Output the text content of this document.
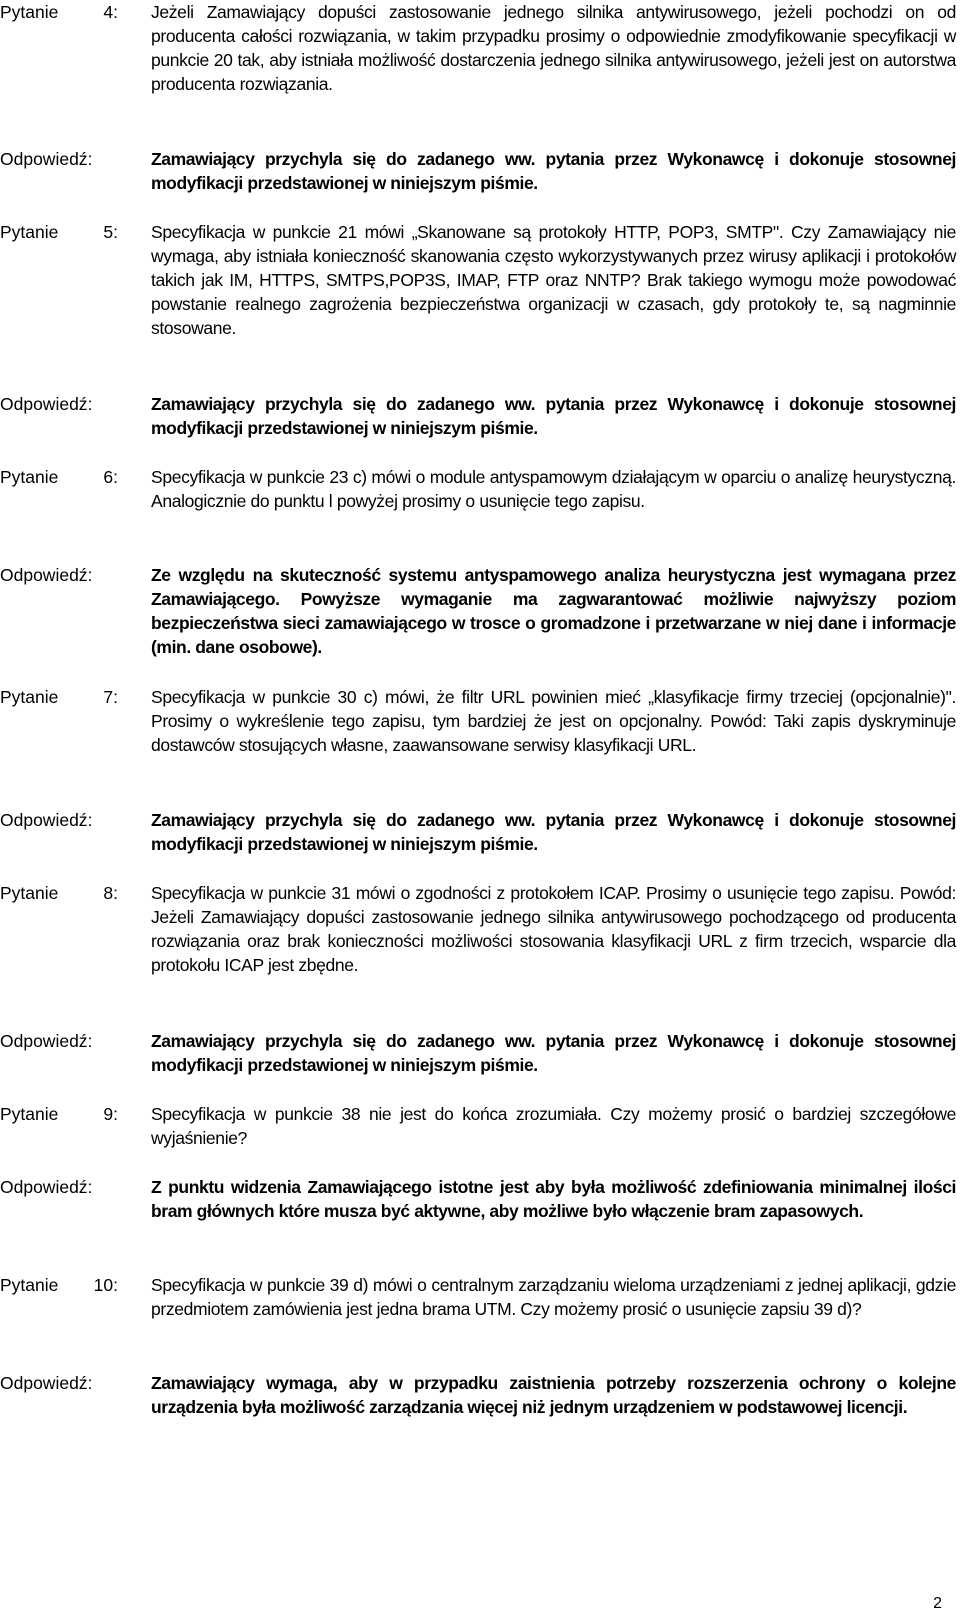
Pytanie	4: Jeżeli Zamawiający dopuści zastosowanie jednego silnika antywirusowego, jeżeli pochodzi on od producenta całości rozwiązania, w takim przypadku prosimy o odpowiednie zmodyfikowanie specyfikacji w punkcie 20 tak, aby istniała możliwość dostarczenia jednego silnika antywirusowego, jeżeli jest on autorstwa producenta rozwiązania.
Odpowiedź:	Zamawiający przychyla się do zadanego ww. pytania przez Wykonawcę i dokonuje stosownej modyfikacji przedstawionej w niniejszym piśmie.
Pytanie	5: Specyfikacja w punkcie 21 mówi „Skanowane są protokoły HTTP, POP3, SMTP". Czy Zamawiający nie wymaga, aby istniała konieczność skanowania często wykorzystywanych przez wirusy aplikacji i protokołów takich jak IM, HTTPS, SMTPS,POP3S, IMAP, FTP oraz NNTP? Brak takiego wymogu może powodować powstanie realnego zagrożenia bezpieczeństwa organizacji w czasach, gdy protokoły te, są nagminnie stosowane.
Odpowiedź:	Zamawiający przychyla się do zadanego ww. pytania przez Wykonawcę i dokonuje stosownej modyfikacji przedstawionej w niniejszym piśmie.
Pytanie	6: Specyfikacja w punkcie 23 c) mówi o module antyspamowym działającym w oparciu o analizę heurystyczną. Analogicznie do punktu l powyżej prosimy o usunięcie tego zapisu.
Odpowiedź:	Ze względu na skuteczność systemu antyspamowego analiza heurystyczna jest wymagana przez Zamawiającego. Powyższe wymaganie ma zagwarantować możliwie najwyższy poziom bezpieczeństwa sieci zamawiającego w trosce o gromadzone i przetwarzane w niej dane i informacje (min. dane osobowe).
Pytanie	7: Specyfikacja w punkcie 30 c) mówi, że filtr URL powinien mieć „klasyfikacje firmy trzeciej (opcjonalnie)". Prosimy o wykreślenie tego zapisu, tym bardziej że jest on opcjonalny. Powód: Taki zapis dyskryminuje dostawców stosujących własne, zaawansowane serwisy klasyfikacji URL.
Odpowiedź:	Zamawiający przychyla się do zadanego ww. pytania przez Wykonawcę i dokonuje stosownej modyfikacji przedstawionej w niniejszym piśmie.
Pytanie	8: Specyfikacja w punkcie 31 mówi o zgodności z protokołem ICAP. Prosimy o usunięcie tego zapisu. Powód: Jeżeli Zamawiający dopuści zastosowanie jednego silnika antywirusowego pochodzącego od producenta rozwiązania oraz brak konieczności możliwości stosowania klasyfikacji URL z firm trzecich, wsparcie dla protokołu ICAP jest zbędne.
Odpowiedź:	Zamawiający przychyla się do zadanego ww. pytania przez Wykonawcę i dokonuje stosownej modyfikacji przedstawionej w niniejszym piśmie.
Pytanie	9: Specyfikacja w punkcie 38 nie jest do końca zrozumiała. Czy możemy prosić o bardziej szczegółowe wyjaśnienie?
Odpowiedź:	Z punktu widzenia Zamawiającego istotne jest aby była możliwość zdefiniowania minimalnej ilości bram głównych które musza być aktywne, aby możliwe było włączenie bram zapasowych.
Pytanie 10: Specyfikacja w punkcie 39 d) mówi o centralnym zarządzaniu wieloma urządzeniami z jednej aplikacji, gdzie przedmiotem zamówienia jest jedna brama UTM. Czy możemy prosić o usunięcie zapsiu 39 d)?
Odpowiedź:	Zamawiający wymaga, aby w przypadku zaistnienia potrzeby rozszerzenia ochrony o kolejne urządzenia była możliwość zarządzania więcej niż jednym urządzeniem w podstawowej licencji.
2
